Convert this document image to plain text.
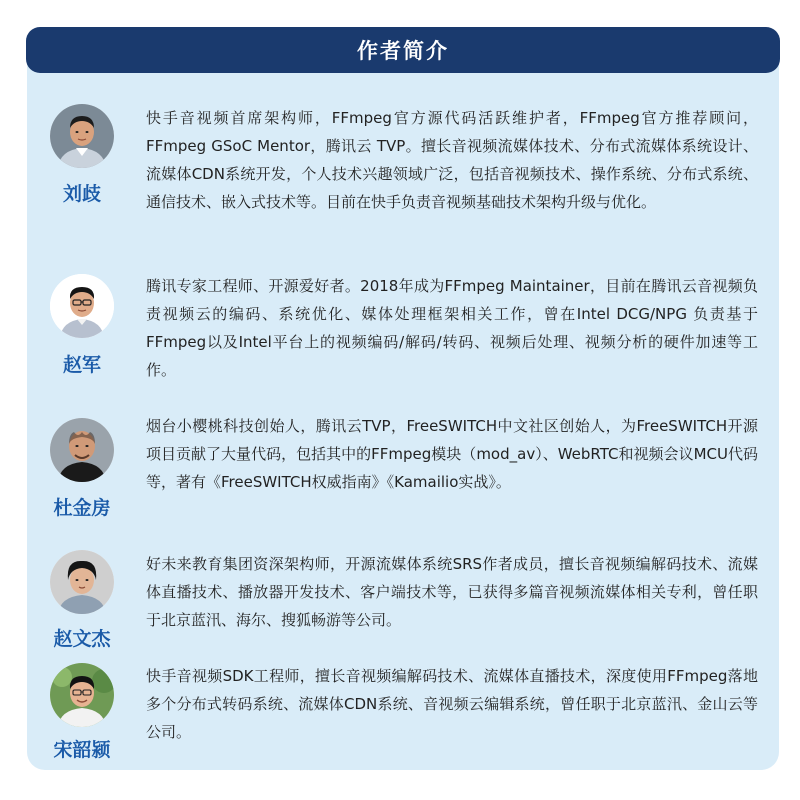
作者简介
刘歧
快手音视频首席架构师，FFmpeg官方源代码活跃维护者，FFmpeg官方推荐顾问，FFmpeg GSoC Mentor，腾讯云 TVP。擅长音视频流媒体技术、分布式流媒体系统设计、流媒体CDN系统开发，个人技术兴趣领域广泛，包括音视频技术、操作系统、分布式系统、通信技术、嵌入式技术等。目前在快手负责音视频基础技术架构升级与优化。
赵军
腾讯专家工程师、开源爱好者。2018年成为FFmpeg Maintainer，目前在腾讯云音视频负责视频云的编码、系统优化、媒体处理框架相关工作，曾在Intel DCG/NPG 负责基于FFmpeg以及Intel平台上的视频编码/解码/转码、视频后处理、视频分析的硬件加速等工作。
杜金房
烟台小樱桃科技创始人，腾讯云TVP，FreeSWITCH中文社区创始人，为FreeSWITCH开源项目贡献了大量代码，包括其中的FFmpeg模块（mod_av）、WebRTC和视频会议MCU代码等，著有《FreeSWITCH权威指南》《Kamailio实战》。
赵文杰
好未来教育集团资深架构师，开源流媒体系统SRS作者成员，擅长音视频编解码技术、流媒体直播技术、播放器开发技术、客户端技术等，已获得多篇音视频流媒体相关专利，曾任职于北京蓝汛、海尔、搜狐畅游等公司。
宋韶颍
快手音视频SDK工程师，擅长音视频编解码技术、流媒体直播技术，深度使用FFmpeg落地多个分布式转码系统、流媒体CDN系统、音视频云编辑系统，曾任职于北京蓝汛、金山云等公司。
